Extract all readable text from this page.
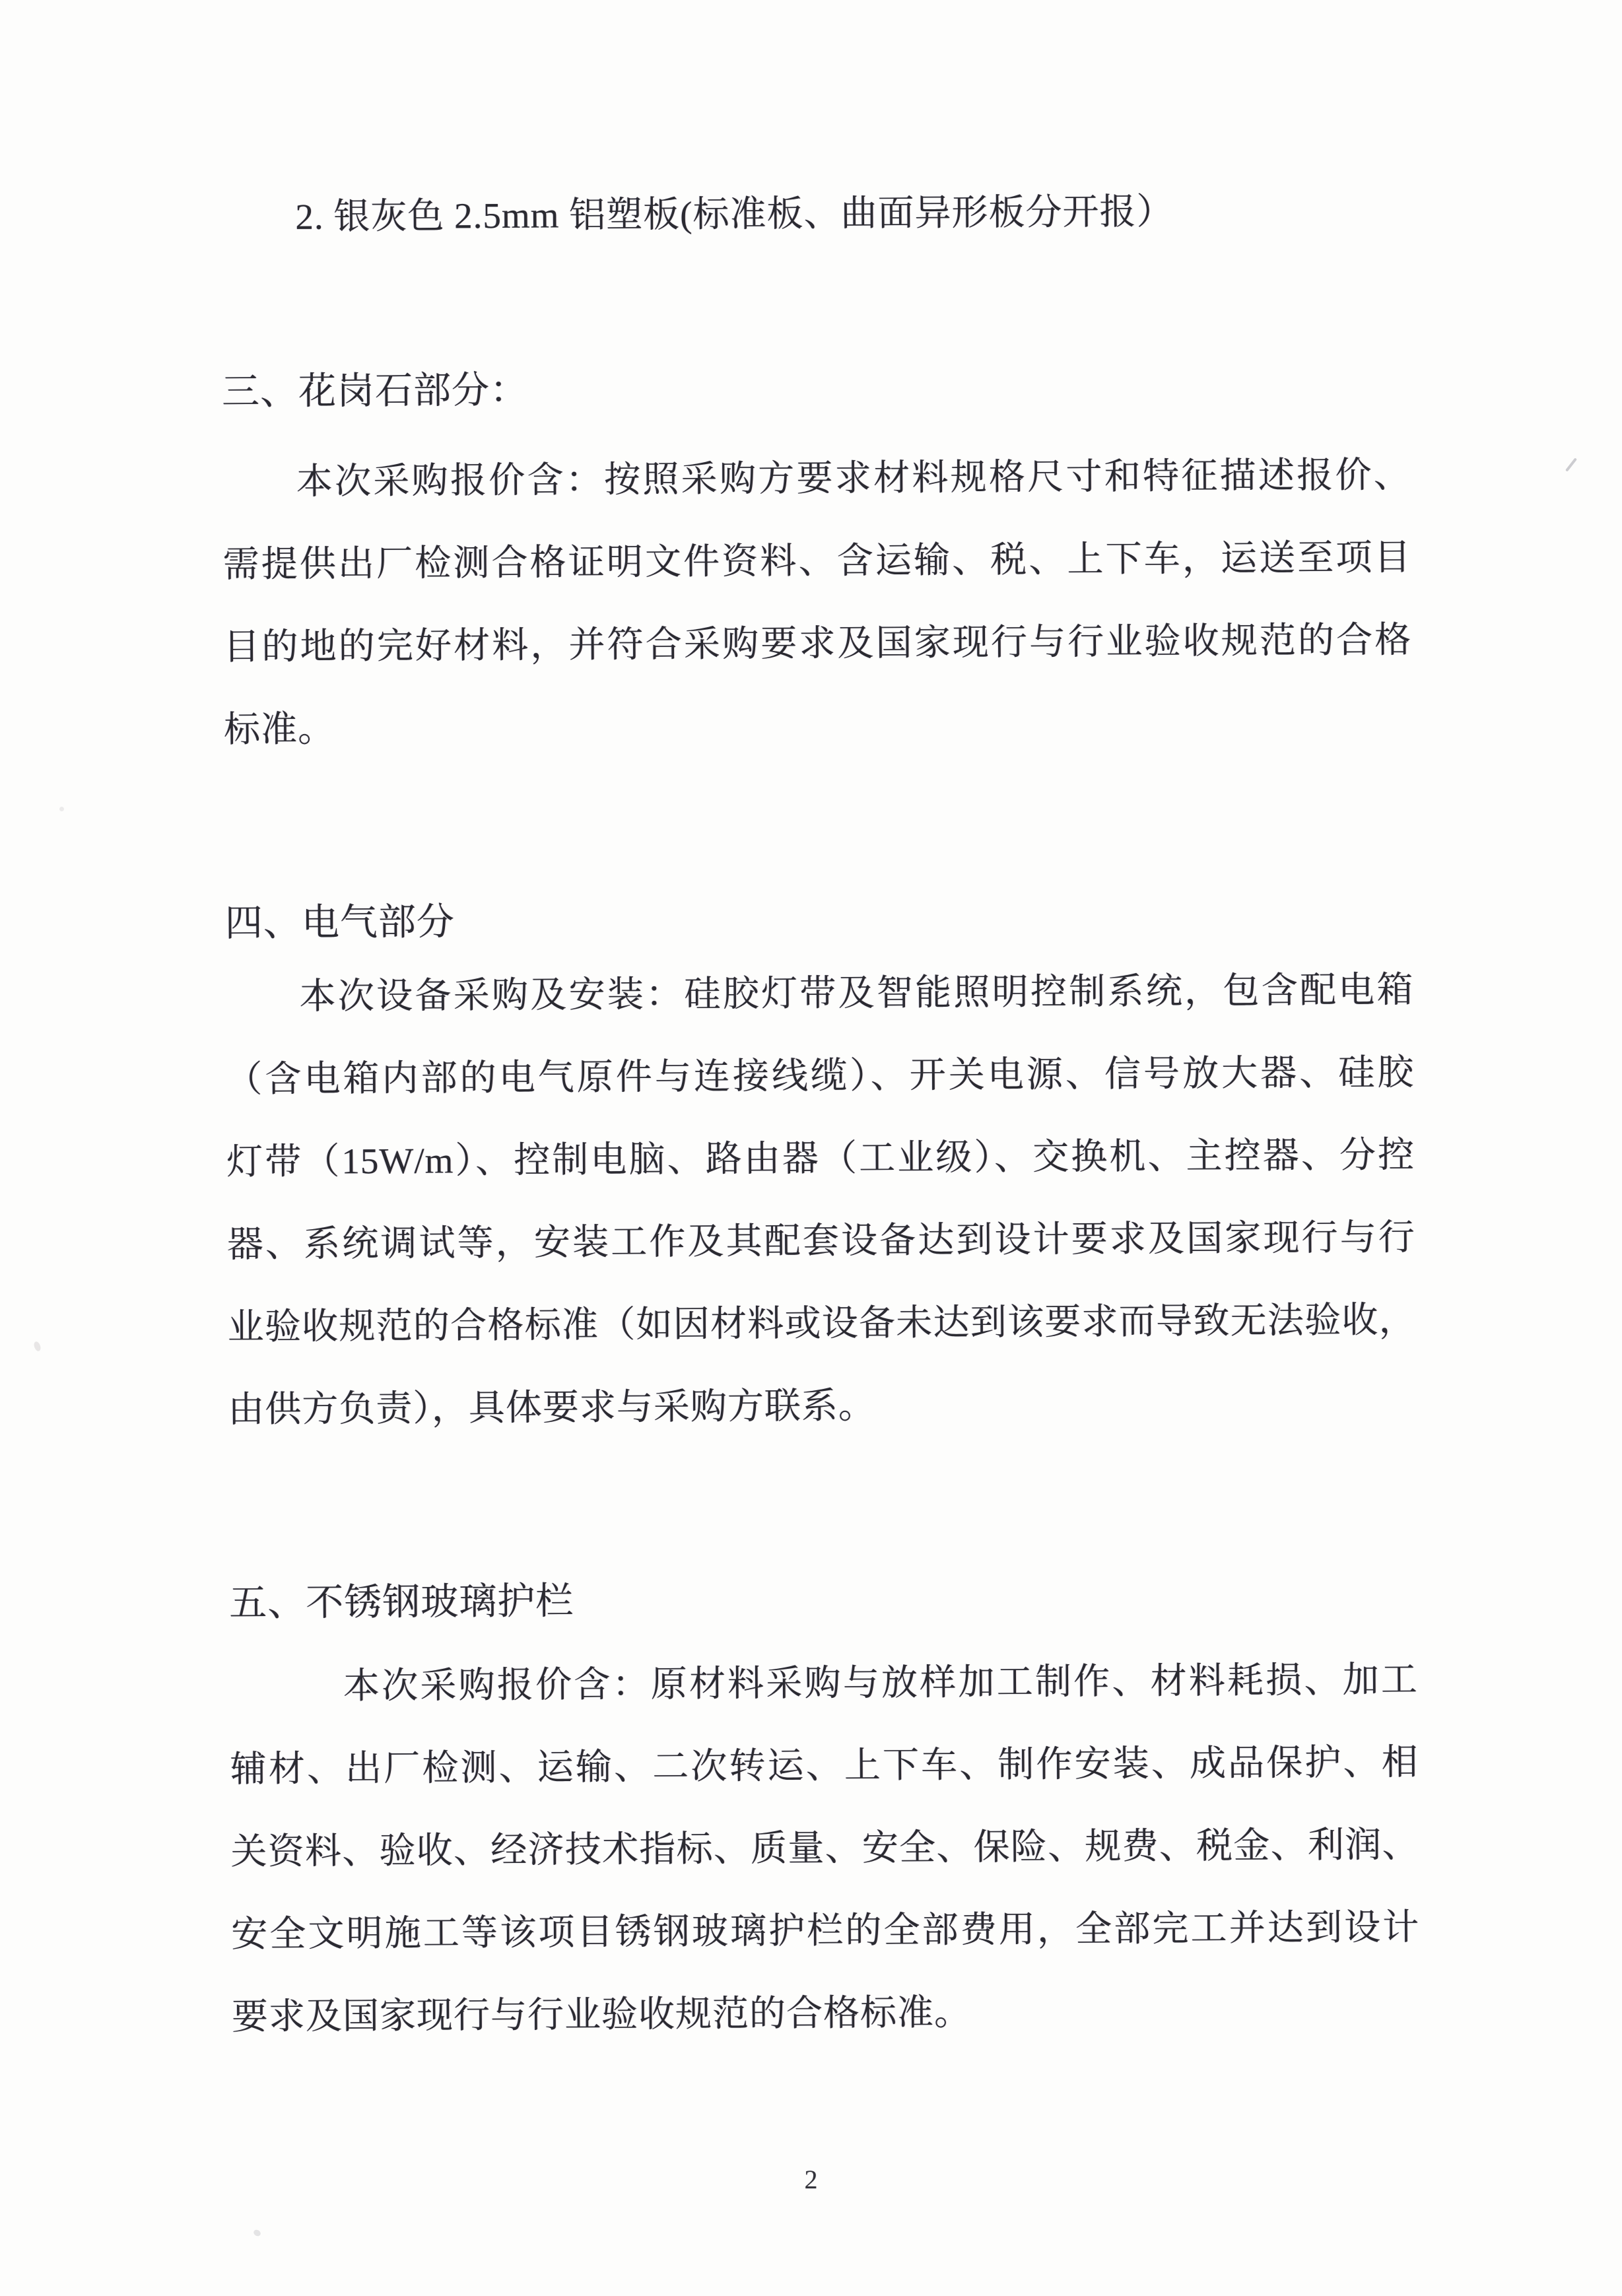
2. 银灰色 2.5mm 铝塑板(标准板、曲面异形板分开报）
三、花岗石部分：
本次采购报价含：按照采购方要求材料规格尺寸和特征描述报价、
需提供出厂检测合格证明文件资料、含运输、税、上下车，运送至项目
目的地的完好材料，并符合采购要求及国家现行与行业验收规范的合格
标准。
四、电气部分
本次设备采购及安装：硅胶灯带及智能照明控制系统，包含配电箱
（含电箱内部的电气原件与连接线缆）、开关电源、信号放大器、硅胶
灯带（15W/m）、控制电脑、路由器（工业级）、交换机、主控器、分控
器、系统调试等，安装工作及其配套设备达到设计要求及国家现行与行
业验收规范的合格标准（如因材料或设备未达到该要求而导致无法验收，
由供方负责），具体要求与采购方联系。
五、不锈钢玻璃护栏
本次采购报价含：原材料采购与放样加工制作、材料耗损、加工
辅材、出厂检测、运输、二次转运、上下车、制作安装、成品保护、相
关资料、验收、经济技术指标、质量、安全、保险、规费、税金、利润、
安全文明施工等该项目锈钢玻璃护栏的全部费用，全部完工并达到设计
要求及国家现行与行业验收规范的合格标准。
2
